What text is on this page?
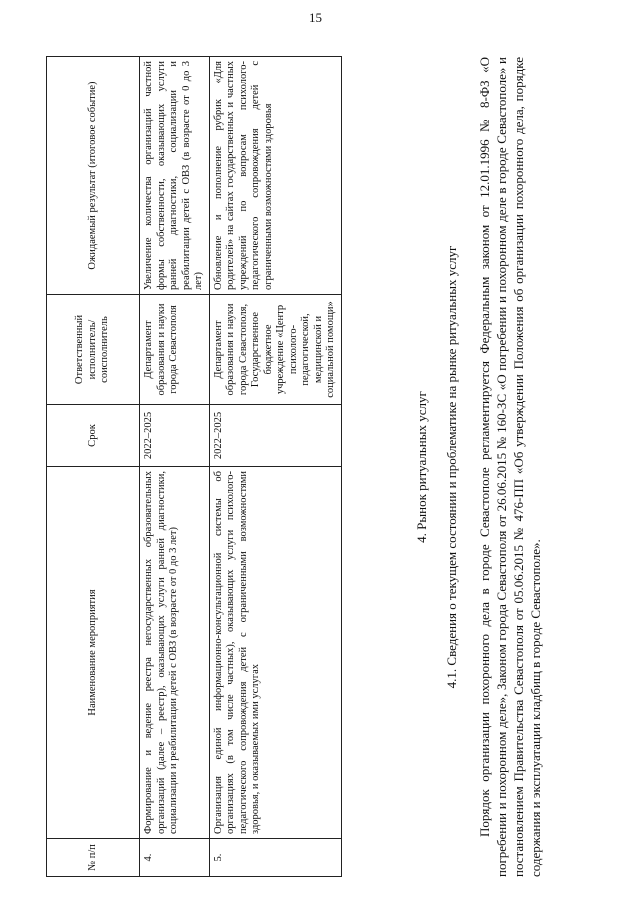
15
№ п/п	Наименование мероприятия	Срок	Ответственный исполнитель/ соисполнитель	Ожидаемый результат (итоговое событие)
4.	Формирование и ведение реестра негосударственных образовательных организаций (далее – реестр), оказывающих услуги ранней диагностики, социализации и реабилитации детей с ОВЗ (в возрасте от 0 до 3 лет)	2022–2025	Департамент образования и науки города Севастополя	Увеличение количества организаций частной формы собственности, оказывающих услуги ранней диагностики, социализации и реабилитации детей с ОВЗ (в возрасте от 0 до 3 лет)
5.	Организация единой информационно-консультационной системы об организациях (в том числе частных), оказывающих услуги психолого-педагогического сопровождения детей с ограниченными возможностями здоровья, и оказываемых ими услугах	2022–2025	Департамент образования и науки города Севастополя, Государственное бюджетное учреждение «Центр психолого-педагогической, медицинской и социальной помощи»	Обновление и пополнение рубрик «Для родителей» на сайтах государственных и частных учреждений по вопросам психолого-педагогического сопровождения детей с ограниченными возможностями здоровья
4. Рынок ритуальных услуг 4.1. Сведения о текущем состоянии и проблематике на рынке ритуальных услуг Порядок организации похоронного дела в городе Севастополе регламентируется Федеральным законом от 12.01.1996 № 8-ФЗ «О погребении и похоронном деле», Законом города Севастополя от 26.06.2015 № 160-ЗС «О погребении и похоронном деле в городе Севастополе» и постановлением Правительства Севастополя от 05.06.2015 № 476-ПП «Об утверждении Положения об организации похоронного дела, порядке содержания и эксплуатации кладбищ в городе Севастополе».
